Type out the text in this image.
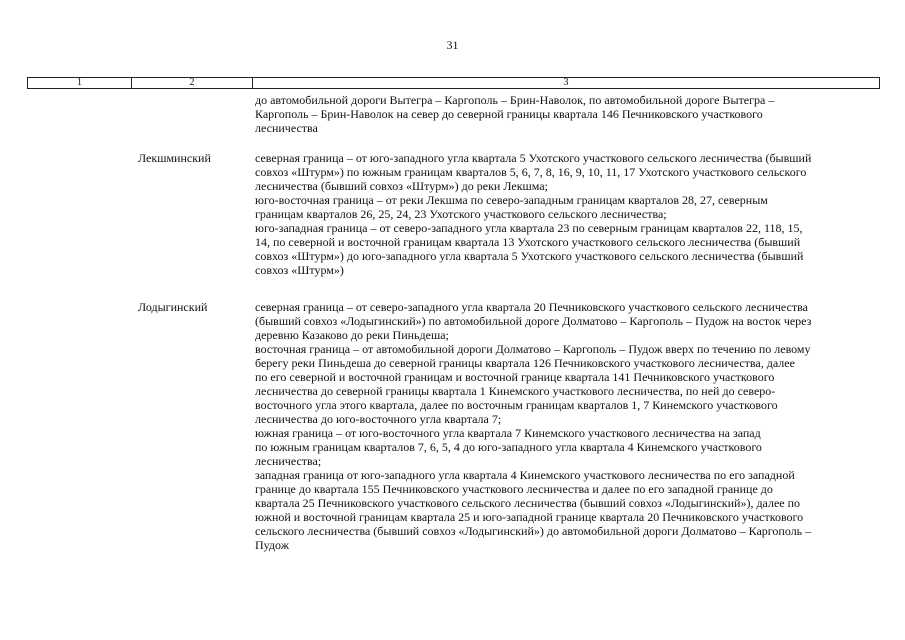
31
1	2	3
до автомобильной дороги Вытегра – Каргополь – Брин-Наволок, по автомобильной дороге Вытегра –
Каргополь – Брин-Наволок на север до северной границы квартала 146 Печниковского участкового
лесничества
Лекшминский	северная граница – от юго-западного угла квартала 5 Ухотского участкового сельского лесничества (бывший
совхоз «Штурм») по южным границам кварталов 5, 6, 7, 8, 16, 9, 10, 11, 17 Ухотского участкового сельского
лесничества (бывший совхоз «Штурм») до реки Лекшма;
юго-восточная граница – от реки Лекшма по северо-западным границам кварталов 28, 27, северным
границам кварталов 26, 25, 24, 23 Ухотского участкового сельского лесничества;
юго-западная граница – от северо-западного угла квартала 23 по северным границам кварталов 22, 118, 15,
14, по северной и восточной границам квартала 13 Ухотского участкового сельского лесничества (бывший
совхоз «Штурм») до юго-западного угла квартала 5 Ухотского участкового сельского лесничества (бывший
совхоз «Штурм»)
Лодыгинский	северная граница – от северо-западного угла квартала 20 Печниковского участкового сельского лесничества
(бывший совхоз «Лодыгинский») по автомобильной дороге Долматово – Каргополь – Пудож на восток через
деревню Казаково до реки Пиньдеша;
восточная граница – от автомобильной дороги Долматово – Каргополь – Пудож вверх по течению по левому
берегу реки Пиньдеша до северной границы квартала 126 Печниковского участкового лесничества, далее
по его северной и восточной границам и восточной границе квартала 141 Печниковского участкового
лесничества до северной границы квартала 1 Кинемского участкового лесничества, по ней до северо-
восточного угла этого квартала, далее по восточным границам кварталов 1, 7 Кинемского участкового
лесничества до юго-восточного угла квартала 7;
южная граница – от юго-восточного угла квартала 7 Кинемского участкового лесничества на запад
по южным границам кварталов 7, 6, 5, 4 до юго-западного угла квартала 4 Кинемского участкового
лесничества;
западная граница от юго-западного угла квартала 4 Кинемского участкового лесничества по его западной
границе до квартала 155 Печниковского участкового лесничества и далее по его западной границе до
квартала 25 Печниковского участкового сельского лесничества (бывший совхоз «Лодыгинский»), далее по
южной и восточной границам квартала 25 и юго-западной границе квартала 20 Печниковского участкового
сельского лесничества (бывший совхоз «Лодыгинский») до автомобильной дороги Долматово – Каргополь –
Пудож
